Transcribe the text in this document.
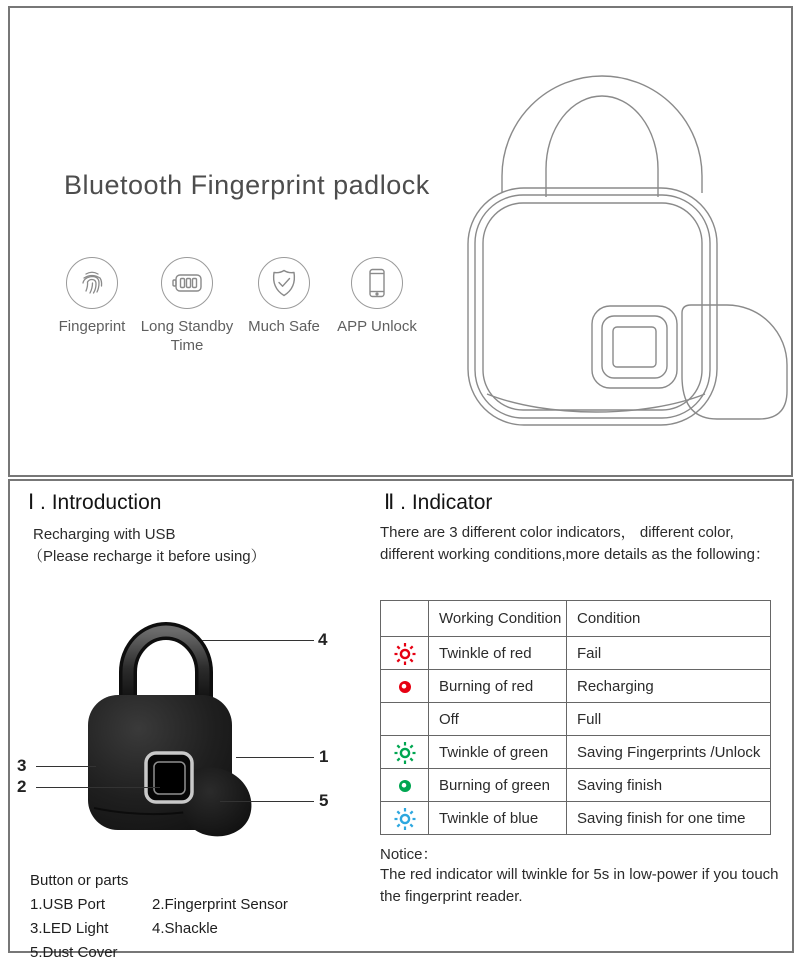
Bluetooth Fingerprint padlock
Fingeprint	Long Standby Time
Much Safe	APP Unlock
Ⅰ . Introduction

Recharging with USB

（Please recharge it before using）

4
1
5
3
2
Button or parts
1.USB Port	2.Fingerprint Sensor
3.LED Light	4.Shackle
5.Dust Cover
Ⅱ . Indicator

There are 3 different color indicators， different color, different working conditions,more details as the following：

	Working Condition	Condition
	Twinkle of red	Fail
	Burning of red	Recharging
	Off	Full
	Twinkle of green	Saving Fingerprints /Unlock
	Burning of green	Saving finish
	Twinkle of blue	Saving finish for one time

Notice：

The red indicator will twinkle for 5s in low-power if you touch the fingerprint reader.
